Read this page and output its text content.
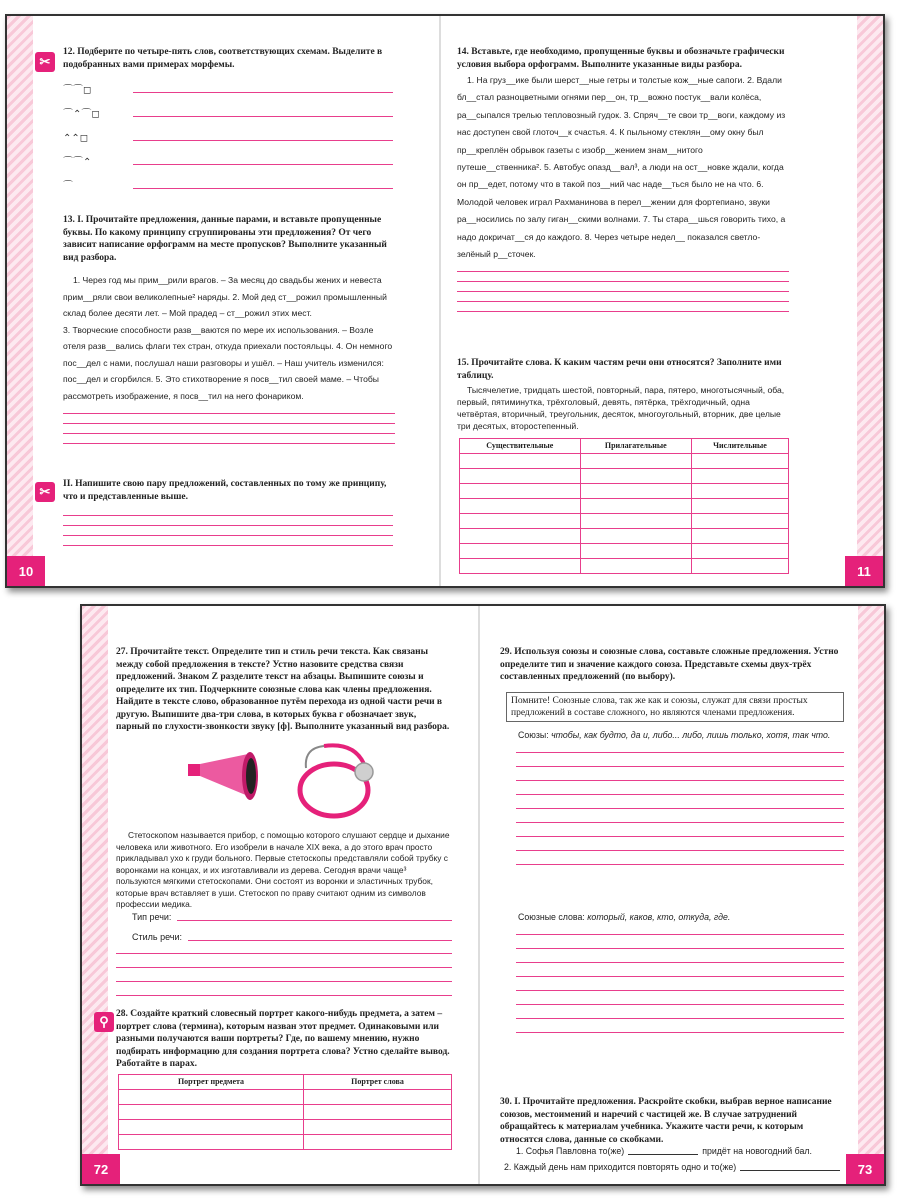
10	11
✂
12. Подберите по четыре-пять слов, соответствующих схемам. Выделите в подобранных вами примерах морфемы.
⌒⌒◻
⌒⌃⌒◻
⌃⌃◻
⌒⌒⌃
⌒
13. I. Прочитайте предложения, данные парами, и вставьте пропущенные буквы. По какому принципу сгруппированы эти предложения? От чего зависит написание орфограмм на месте пропусков? Выполните указанный вид разбора.

1. Через год мы прим__рили врагов. – За месяц до свадьбы жених и невеста прим__ряли свои великолепные² наряды. 2. Мой дед ст__рожил промышленный склад более десяти лет. – Мой прадед – ст__рожил этих мест.

3. Творческие способности разв__ваются по мере их использования. – Возле отеля разв__вались флаги тех стран, откуда приехали постояльцы. 4. Он немного пос__дел с нами, послушал наши разговоры и ушёл. – Наш учитель изменился: пос__дел и сгорбился. 5. Это стихотворение я посв__тил своей маме. – Чтобы рассмотреть изображение, я посв__тил на него фонариком.

✂	II. Напишите свою пару предложений, составленных по тому же принципу, что и представленные выше.
14. Вставьте, где необходимо, пропущенные буквы и обозначьте графически условия выбора орфограмм. Выполните указанные виды разбора.

1. На груз__ике были шерст__ные гетры и толстые кож__ные сапоги. 2. Вдали бл__стал разноцветными огнями пер__он, тр__вожно постук__вали колёса, ра__сыпался трелью тепловозный гудок. 3. Спряч__те свои тр__воги, каждому из нас доступен свой глоточ__к счастья. 4. К пыльному стеклян__ому окну был пр__креплён обрывок газеты с изобр__жением знам__нитого путеше__ственника². 5. Автобус опазд__вал³, а люди на ост__новке ждали, когда он пр__едет, потому что в такой поз__ний час наде__ться было не на что. 6. Молодой человек играл Рахманинова в перел__жении для фортепиано, звуки ра__носились по залу гиган__скими волнами. 7. Ты стара__шься говорить тихо, а надо докричат__ся до каждого. 8. Через четыре недел__ показался светло-зелёный р__сточек.

15. Прочитайте слова. К каким частям речи они относятся? Заполните ими таблицу.
Тысячелетие, тридцать шестой, повторный, пара, пятеро, многотысячный, оба, первый, пятиминутка, трёхголовый, девять, пятёрка, трёхгодичный, одна четвёртая, вторичный, треугольник, десяток, многоугольный, вторник, две целые три десятых, второстепенный.
Существительные	Прилагательные	Числительные

72	73
27. Прочитайте текст. Определите тип и стиль речи текста. Как связаны между собой предложения в тексте? Устно назовите средства связи предложений. Знаком Z разделите текст на абзацы. Выпишите союзы и определите их тип. Подчеркните союзные слова как члены предложения. Найдите в тексте слово, образованное путём перехода из одной части речи в другую. Выпишите два-три слова, в которых буква г обозначает звук, парный по глухости-звонкости звуку [ф]. Выполните указанный вид разбора.
Стетоскопом называется прибор, с помощью которого слушают сердце и дыхание человека или животного. Его изобрели в начале XIX века, а до этого врач просто прикладывал ухо к груди больного. Первые стетоскопы представляли собой трубку с воронками на концах, и их изготавливали из дерева. Сегодня врачи чаще³ пользуются мягкими стетоскопами. Они состоят из воронки и эластичных трубок, которые врач вставляет в уши. Стетоскоп по праву считают одним из символов профессии медика.
Тип речи:
Стиль речи:
⚲ 28. Создайте краткий словесный портрет какого-нибудь предмета, а затем – портрет слова (термина), которым назван этот предмет. Одинаковыми или разными получаются ваши портреты? Где, по вашему мнению, нужно подбирать информацию для создания портрета слова? Устно сделайте вывод. Работайте в парах.
Портрет предмета	Портрет слова

29. Используя союзы и союзные слова, составьте сложные предложения. Устно определите тип и значение каждого союза. Представьте схемы двух-трёх составленных предложений (по выбору).
Помните! Союзные слова, так же как и союзы, служат для связи простых предложений в составе сложного, но являются членами предложения.
Союзы: чтобы, как будто, да и, либо... либо, лишь только, хотя, так что.
Союзные слова: который, каков, кто, откуда, где.
30. I. Прочитайте предложения. Раскройте скобки, выбрав верное написание союзов, местоимений и наречий с частицей же. В случае затруднений обращайтесь к материалам учебника. Укажите части речи, к которым относятся слова, данные со скобками.
1. Софья Павловна то(же)	придёт на новогодний бал.
2. Каждый день нам приходится повторять одно и то(же)
